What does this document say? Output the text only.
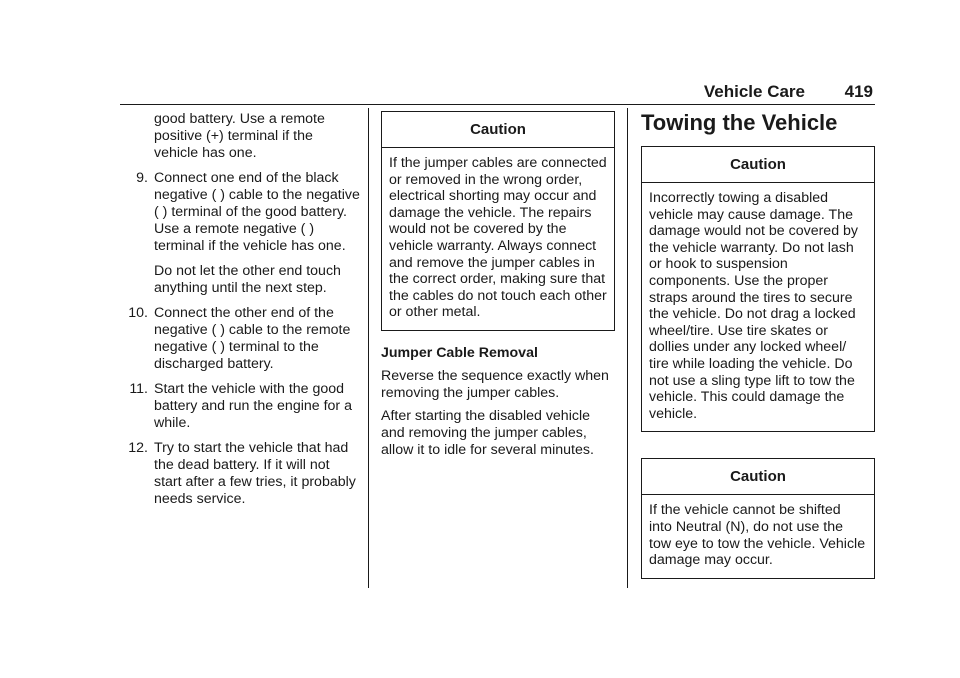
Vehicle Care 419
good battery. Use a remote positive (+) terminal if the vehicle has one.
9. Connect one end of the black negative ( ) cable to the negative ( ) terminal of the good battery. Use a remote negative ( ) terminal if the vehicle has one.
Do not let the other end touch anything until the next step.
10. Connect the other end of the negative ( ) cable to the remote negative ( ) terminal to the discharged battery.
11. Start the vehicle with the good battery and run the engine for a while.
12. Try to start the vehicle that had the dead battery. If it will not start after a few tries, it probably needs service.
Caution
If the jumper cables are connected or removed in the wrong order, electrical shorting may occur and damage the vehicle. The repairs would not be covered by the vehicle warranty. Always connect and remove the jumper cables in the correct order, making sure that the cables do not touch each other or other metal.
Jumper Cable Removal
Reverse the sequence exactly when removing the jumper cables.
After starting the disabled vehicle and removing the jumper cables, allow it to idle for several minutes.
Towing the Vehicle
Caution
Incorrectly towing a disabled vehicle may cause damage. The damage would not be covered by the vehicle warranty. Do not lash or hook to suspension components. Use the proper straps around the tires to secure the vehicle. Do not drag a locked wheel/tire. Use tire skates or dollies under any locked wheel/ tire while loading the vehicle. Do not use a sling type lift to tow the vehicle. This could damage the vehicle.
Caution
If the vehicle cannot be shifted into Neutral (N), do not use the tow eye to tow the vehicle. Vehicle damage may occur.
